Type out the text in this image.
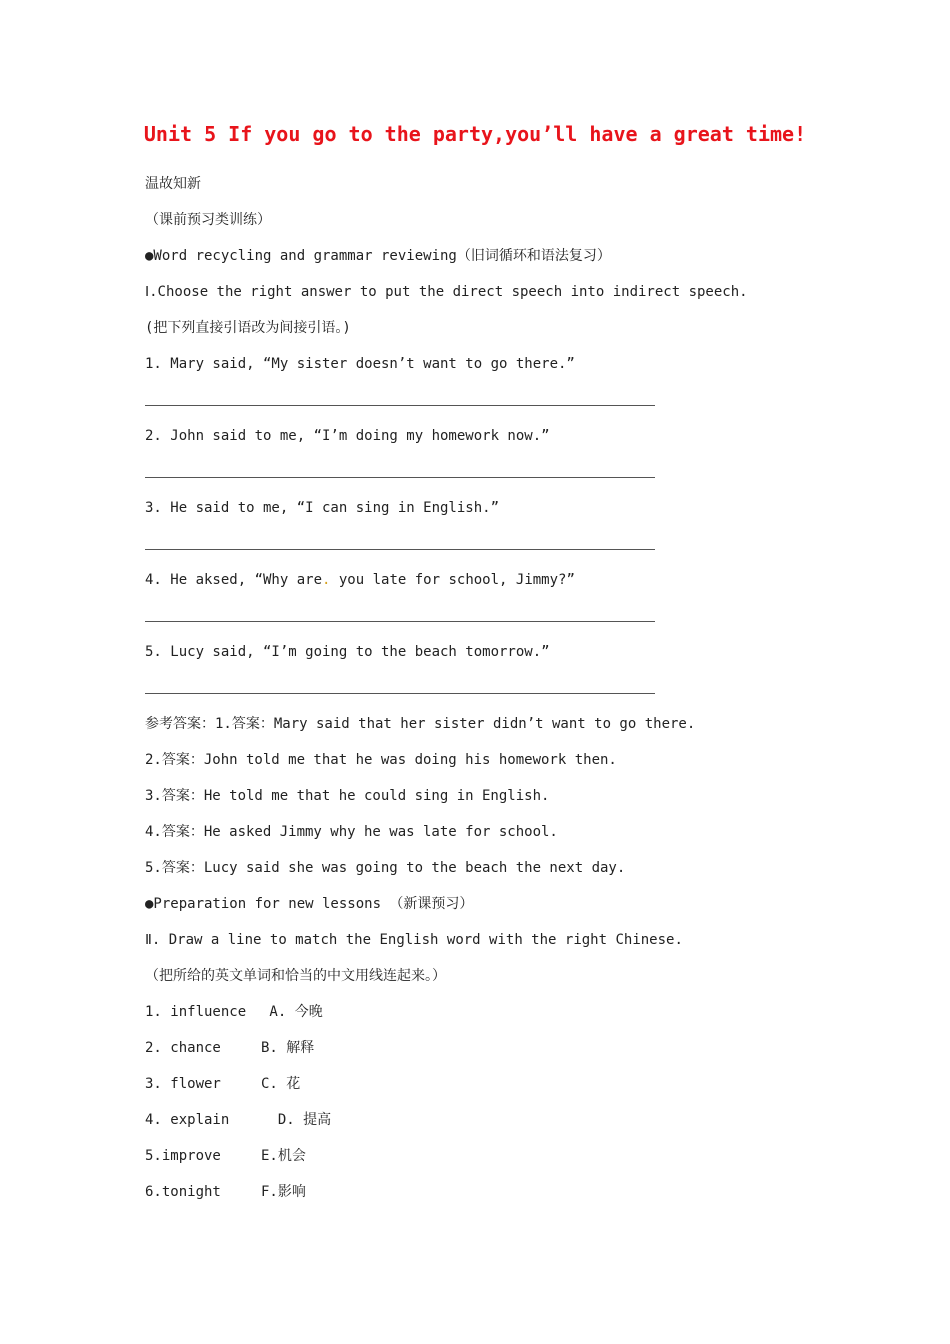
Unit 5 If you go to the party,you’ll have a great time!
温故知新
（课前预习类训练）
●Word recycling and grammar reviewing（旧词循环和语法复习）
Ⅰ.Choose the right answer to put the direct speech into indirect speech.
(把下列直接引语改为间接引语。)
1. Mary said, “My sister doesn’t want to go there.”
2. John said to me, “I’m doing my homework now.”
3. He said to me, “I can sing in English.”
4. He aksed, “Why are. you late for school, Jimmy?”
5. Lucy said, “I’m going to the beach tomorrow.”
参考答案：1.答案：Mary said that her sister didn’t want to go there.
2.答案：John told me that he was doing his homework then.
3.答案：He told me that he could sing in English.
4.答案：He asked Jimmy why he was late for school.
5.答案：Lucy said she was going to the beach the next day.
●Preparation for new lessons （新课预习）
Ⅱ. Draw a line to match the English word with the right Chinese.
（把所给的英文单词和恰当的中文用线连起来。）
1. influence A. 今晚
2. chance	B. 解释
3. flower	C. 花
4. explain  D. 提高
5.improve	E.机会
6.tonight	F.影响
